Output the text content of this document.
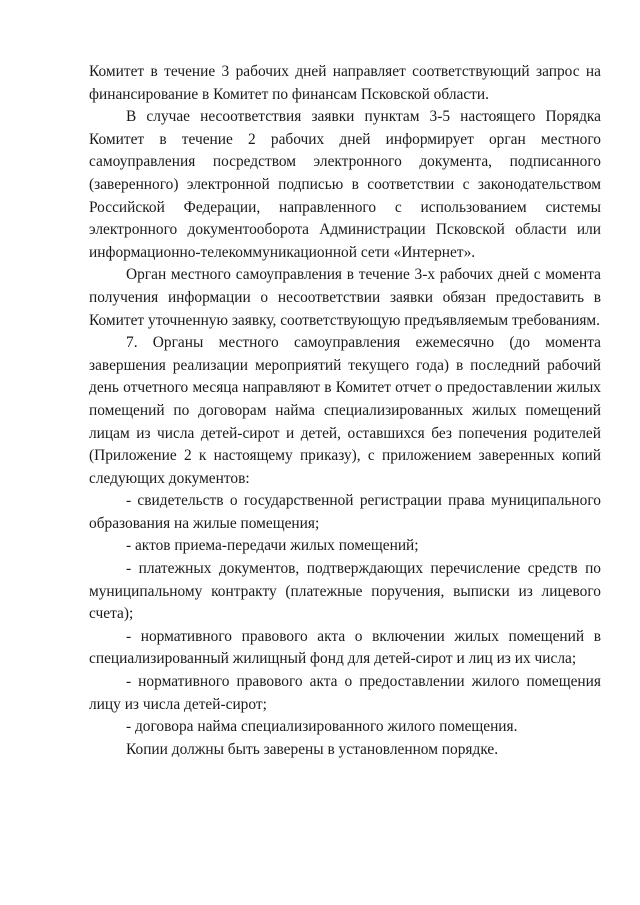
Комитет в течение 3 рабочих дней направляет соответствующий запрос на финансирование в Комитет по финансам Псковской области.

В случае несоответствия заявки пунктам 3-5 настоящего Порядка Комитет в течение 2 рабочих дней информирует орган местного самоуправления посредством электронного документа, подписанного (заверенного) электронной подписью в соответствии с законодательством Российской Федерации, направленного с использованием системы электронного документооборота Администрации Псковской области или информационно-телекоммуникационной сети «Интернет».

Орган местного самоуправления в течение 3-х рабочих дней с момента получения информации о несоответствии заявки обязан предоставить в Комитет уточненную заявку, соответствующую предъявляемым требованиям.

7. Органы местного самоуправления ежемесячно (до момента завершения реализации мероприятий текущего года) в последний рабочий день отчетного месяца направляют в Комитет отчет о предоставлении жилых помещений по договорам найма специализированных жилых помещений лицам из числа детей-сирот и детей, оставшихся без попечения родителей (Приложение 2 к настоящему приказу), с приложением заверенных копий следующих документов:

- свидетельств о государственной регистрации права муниципального образования на жилые помещения;

- актов приема-передачи жилых помещений;

- платежных документов, подтверждающих перечисление средств по муниципальному контракту (платежные поручения, выписки из лицевого счета);

- нормативного правового акта о включении жилых помещений в специализированный жилищный фонд для детей-сирот и лиц из их числа;

- нормативного правового акта о предоставлении жилого помещения лицу из числа детей-сирот;

- договора найма специализированного жилого помещения.

Копии должны быть заверены в установленном порядке.
